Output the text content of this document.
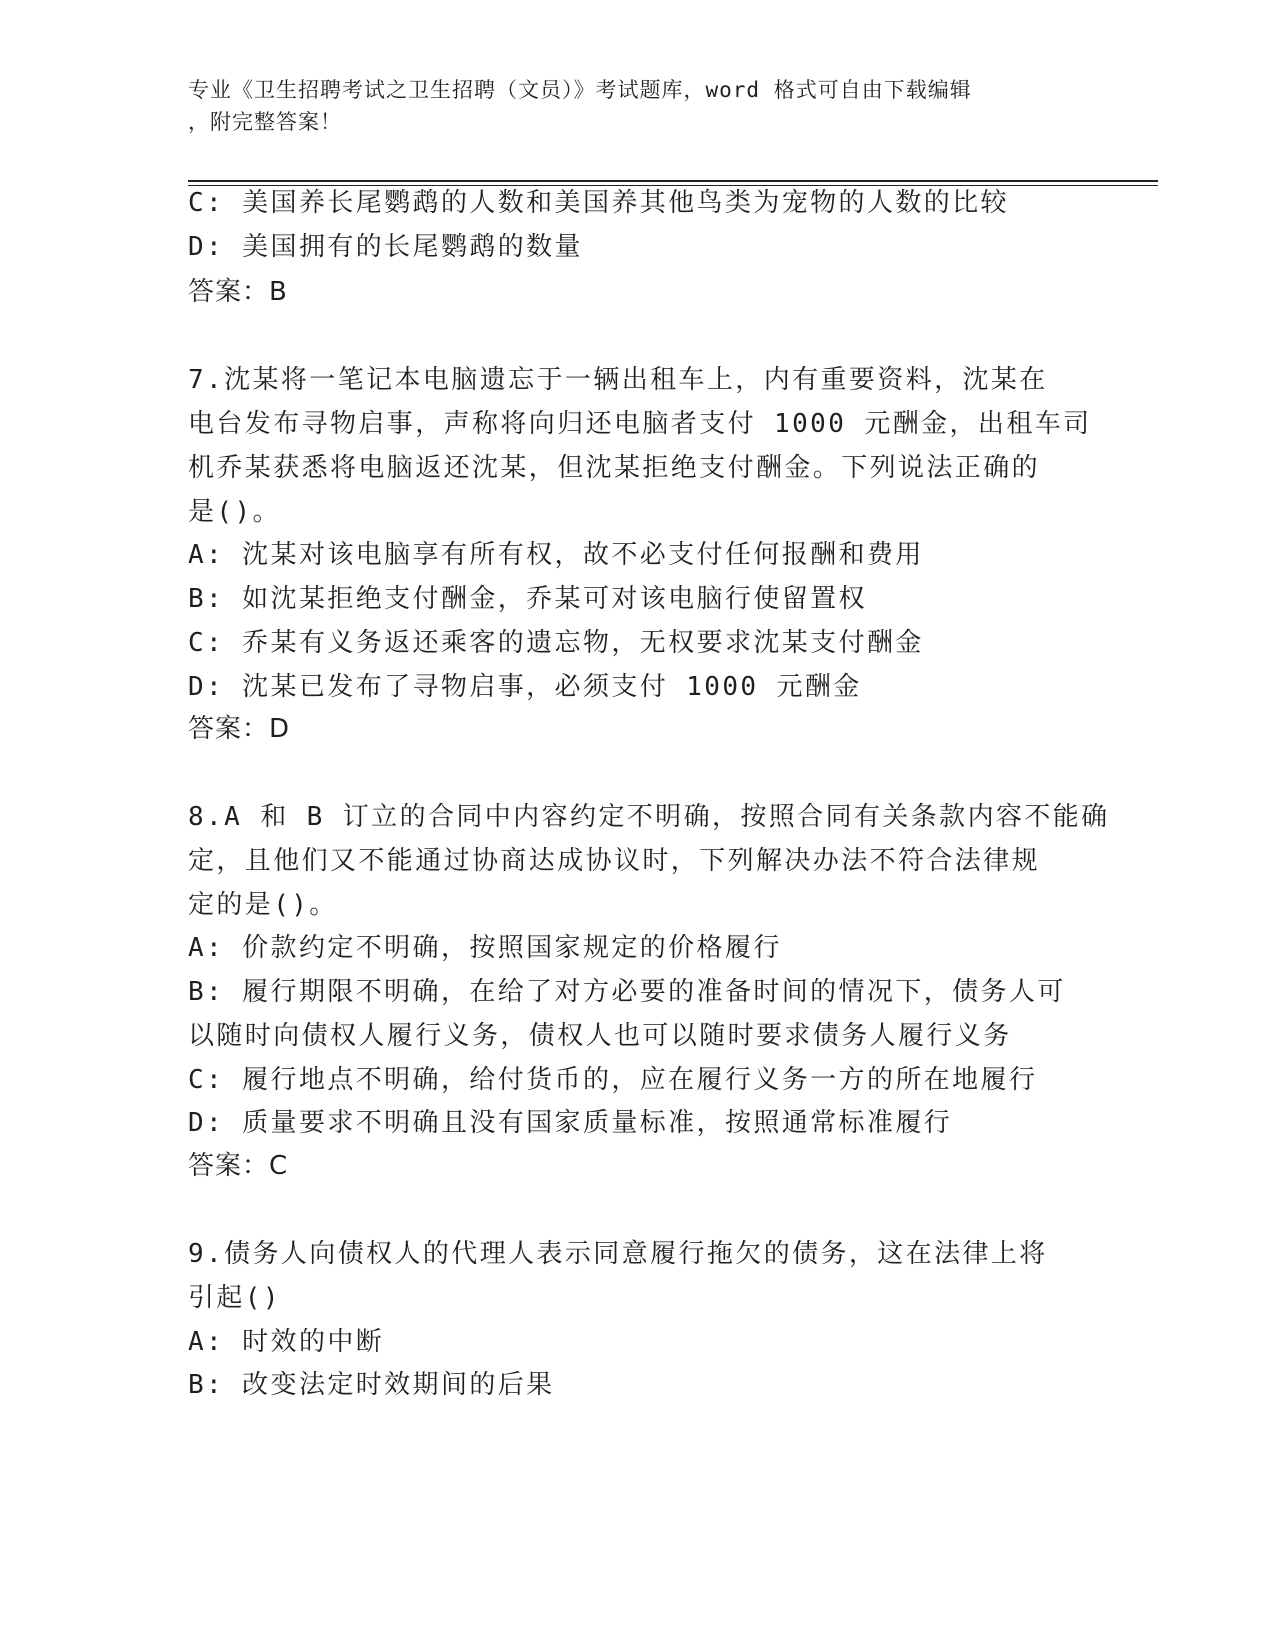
专业《卫生招聘考试之卫生招聘（文员）》考试题库，word 格式可自由下载编辑
，附完整答案！
C: 美国养长尾鹦鹉的人数和美国养其他鸟类为宠物的人数的比较
D: 美国拥有的长尾鹦鹉的数量
答案：B
7.沈某将一笔记本电脑遗忘于一辆出租车上，内有重要资料，沈某在
电台发布寻物启事，声称将向归还电脑者支付 1000 元酬金，出租车司
机乔某获悉将电脑返还沈某，但沈某拒绝支付酬金。下列说法正确的
是()。
A: 沈某对该电脑享有所有权，故不必支付任何报酬和费用
B: 如沈某拒绝支付酬金，乔某可对该电脑行使留置权
C: 乔某有义务返还乘客的遗忘物，无权要求沈某支付酬金
D: 沈某已发布了寻物启事，必须支付 1000 元酬金
答案：D
8.A 和 B 订立的合同中内容约定不明确，按照合同有关条款内容不能确
定，且他们又不能通过协商达成协议时，下列解决办法不符合法律规
定的是()。
A: 价款约定不明确，按照国家规定的价格履行
B: 履行期限不明确，在给了对方必要的准备时间的情况下，债务人可
以随时向债权人履行义务，债权人也可以随时要求债务人履行义务
C: 履行地点不明确，给付货币的，应在履行义务一方的所在地履行
D: 质量要求不明确且没有国家质量标准，按照通常标准履行
答案：C
9.债务人向债权人的代理人表示同意履行拖欠的债务，这在法律上将
引起()
A: 时效的中断
B: 改变法定时效期间的后果
